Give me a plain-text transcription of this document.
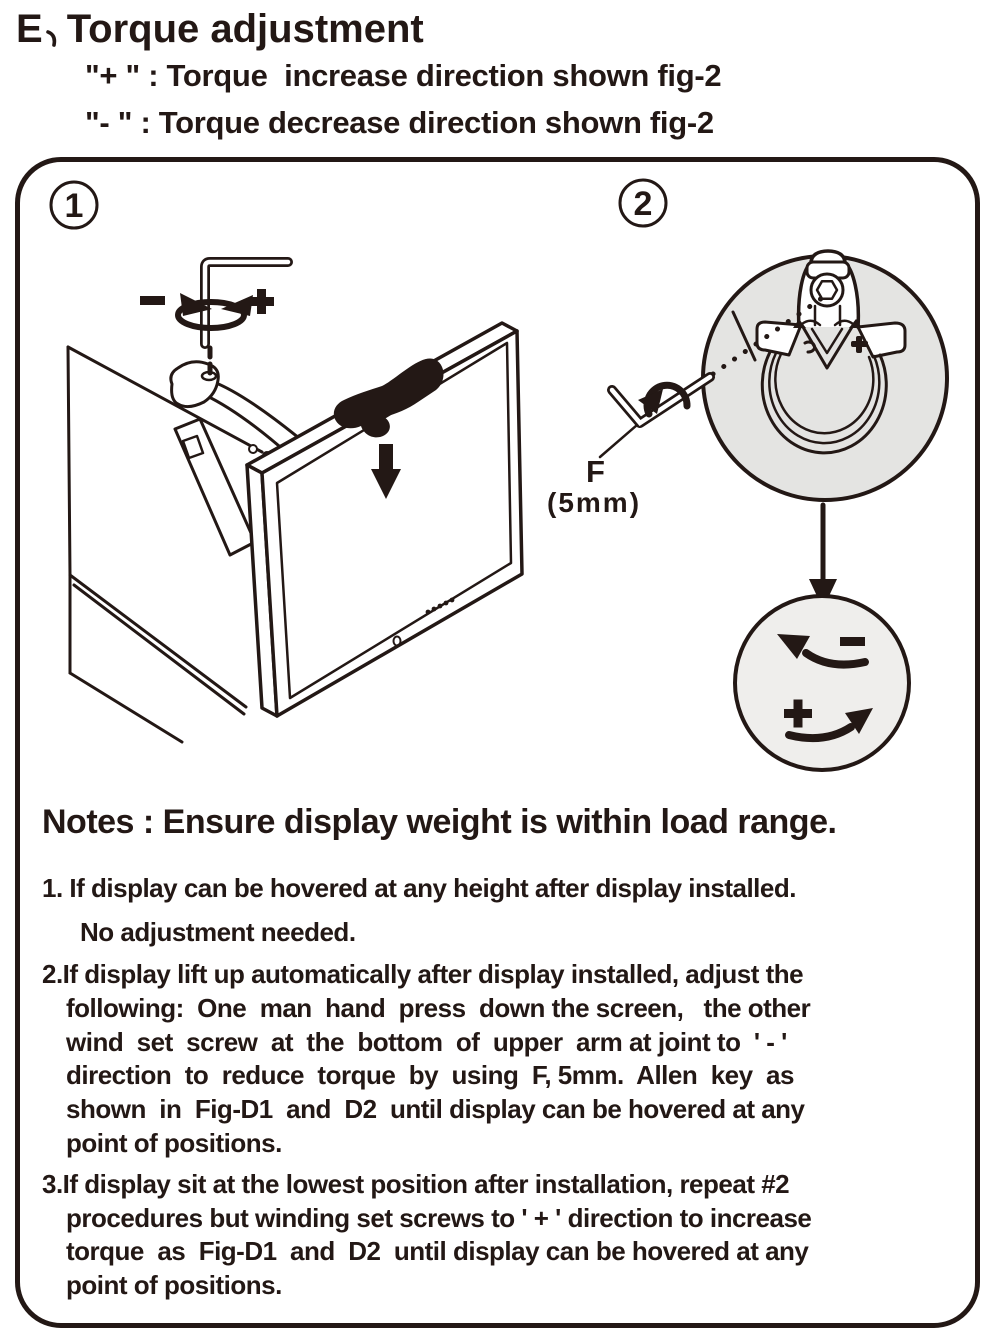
E Torque adjustment
"+ " : Torque  increase direction shown fig-2
"- " : Torque decrease direction shown fig-2
1	2
F
(5mm)
Notes : Ensure display weight is within load range.
1. If display can be hovered at any height after display installed.
No adjustment needed.
2.If display lift up automatically after display installed, adjust the
following:  One  man  hand  press  down the screen,   the other
wind  set  screw  at  the  bottom  of  upper  arm at joint to  ' - '
direction  to  reduce  torque  by  using  F, 5mm.  Allen  key  as
shown  in  Fig-D1  and  D2  until display can be hovered at any
point of positions.
3.If display sit at the lowest position after installation, repeat #2
procedures but winding set screws to ' + ' direction to increase
torque  as  Fig-D1  and  D2  until display can be hovered at any
point of positions.
